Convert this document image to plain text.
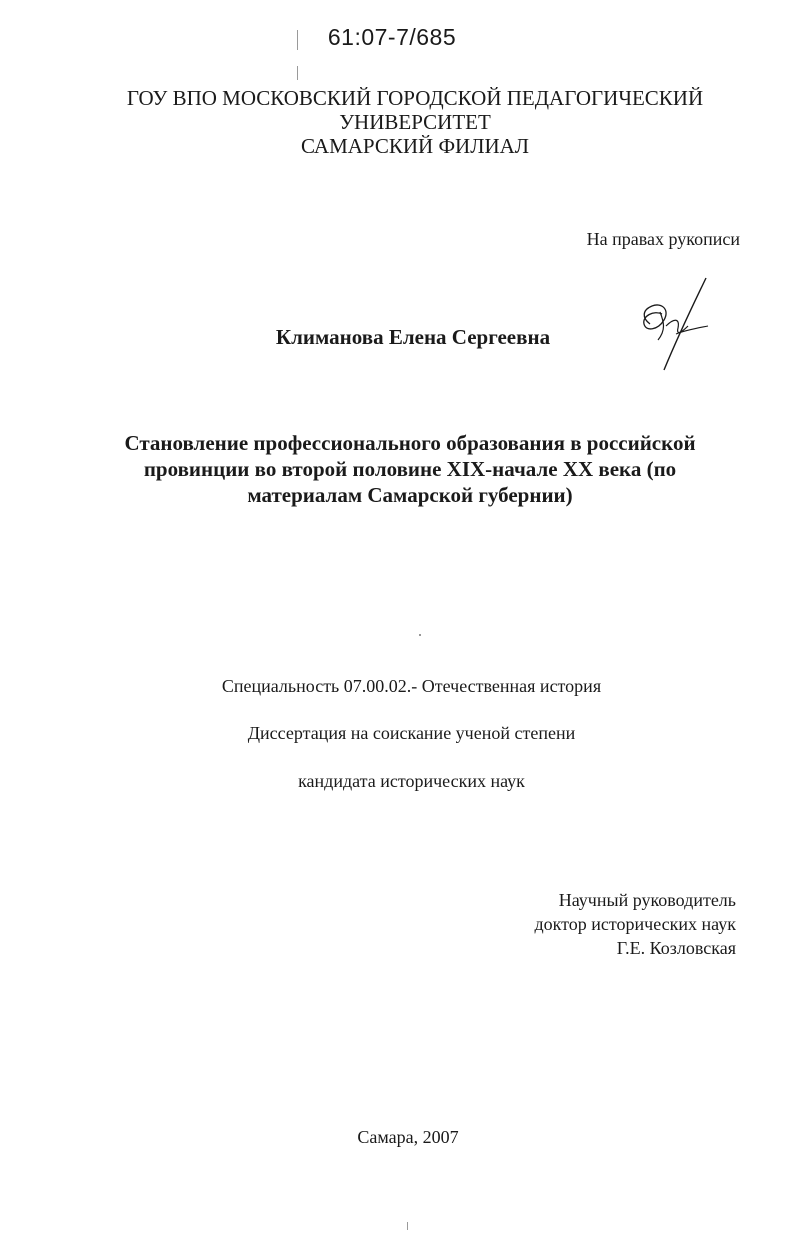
61:07-7/685
ГОУ ВПО МОСКОВСКИЙ ГОРОДСКОЙ ПЕДАГОГИЧЕСКИЙ
УНИВЕРСИТЕТ
САМАРСКИЙ ФИЛИАЛ
На правах рукописи
Климанова Елена Сергеевна
Становление профессионального образования в российской
провинции во второй половине XIX-начале XX века (по
материалам Самарской губернии)
Специальность 07.00.02.- Отечественная история
Диссертация на соискание ученой степени
кандидата исторических наук
Научный руководитель
доктор исторических наук
Г.Е. Козловская
Самара, 2007
